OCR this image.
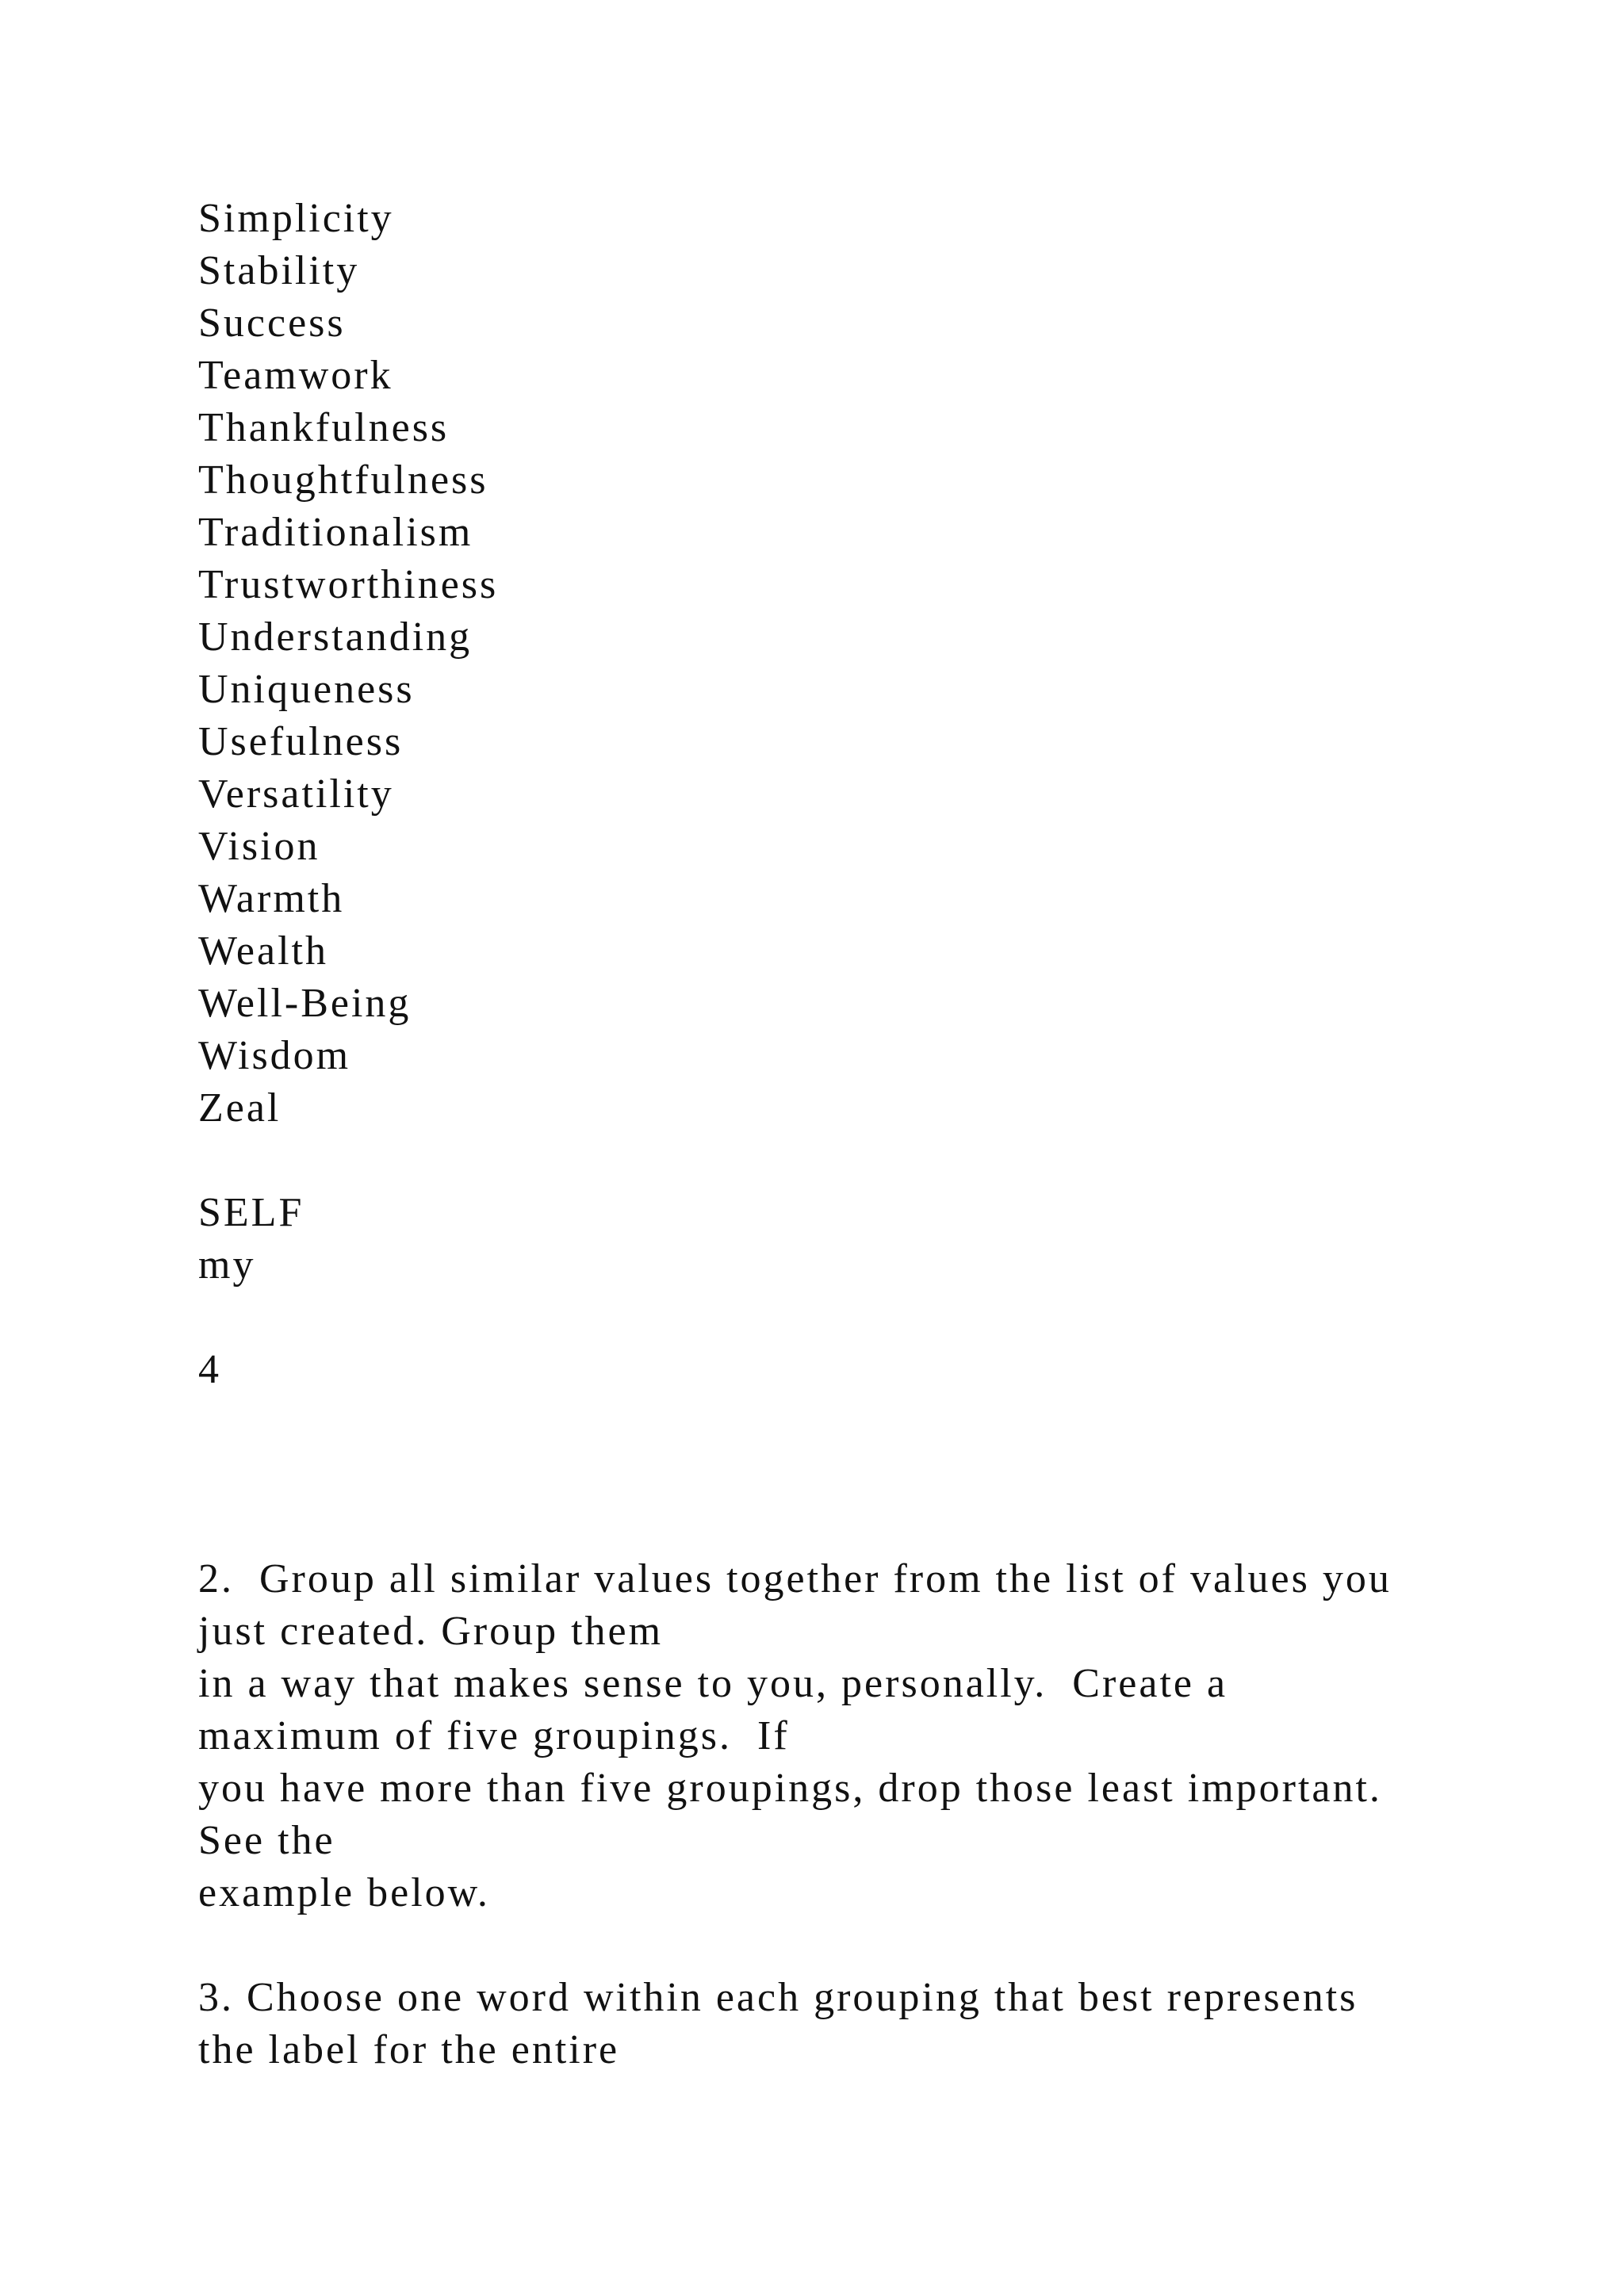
Simplicity
Stability
Success
Teamwork
Thankfulness
Thoughtfulness
Traditionalism
Trustworthiness
Understanding
Uniqueness
Usefulness
Versatility
Vision
Warmth
Wealth
Well-Being
Wisdom
Zeal
SELF
my
4
2.  Group all similar values together from the list of values you
just created. Group them
in a way that makes sense to you, personally.  Create a
maximum of five groupings.  If
you have more than five groupings, drop those least important.
See the
example below.
3. Choose one word within each grouping that best represents
the label for the entire
